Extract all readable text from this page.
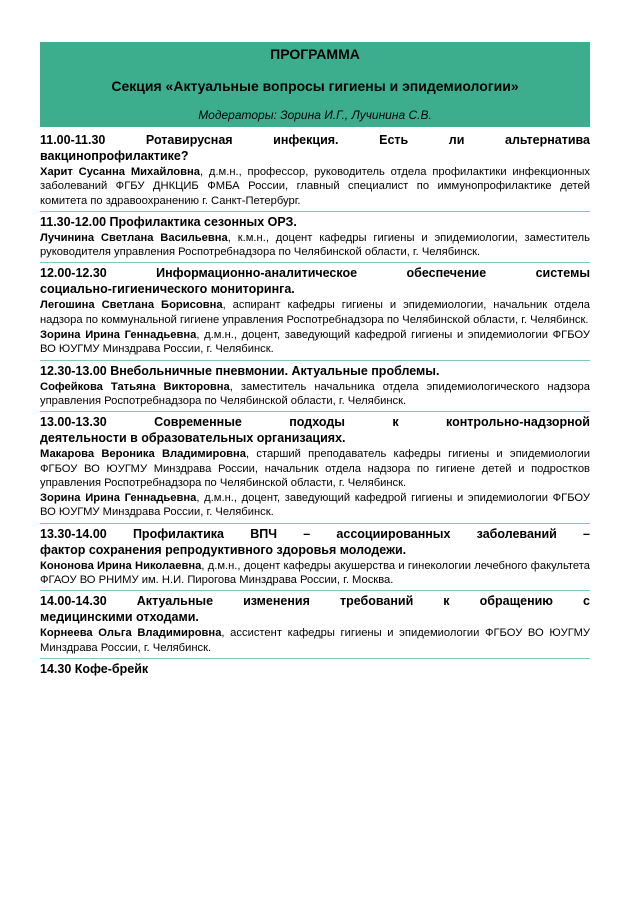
ПРОГРАММА
Секция «Актуальные вопросы гигиены и эпидемиологии»
Модераторы: Зорина И.Г., Лучинина С.В.
11.00-11.30 Ротавирусная инфекция. Есть ли альтернатива
вакцинопрофилактике?
Харит Сусанна Михайловна, д.м.н., профессор, руководитель отдела профилактики инфекционных заболеваний ФГБУ ДНКЦИБ ФМБА России, главный специалист по иммунопрофилактике детей комитета по здравоохранению г. Санкт-Петербург.
11.30-12.00 Профилактика сезонных ОРЗ.
Лучинина Светлана Васильевна, к.м.н., доцент кафедры гигиены и эпидемиологии, заместитель руководителя управления Роспотребнадзора по Челябинской области, г. Челябинск.
12.00-12.30 Информационно-аналитическое обеспечение системы
социально-гигиенического мониторинга.
Легошина Светлана Борисовна, аспирант кафедры гигиены и эпидемиологии, начальник отдела надзора по коммунальной гигиене управления Роспотребнадзора по Челябинской области, г. Челябинск.
Зорина Ирина Геннадьевна, д.м.н., доцент, заведующий кафедрой гигиены и эпидемиологии ФГБОУ ВО ЮУГМУ Минздрава России, г. Челябинск.
12.30-13.00 Внебольничные пневмонии. Актуальные проблемы.
Софейкова Татьяна Викторовна, заместитель начальника отдела эпидемиологического надзора управления Роспотребнадзора по Челябинской области, г. Челябинск.
13.00-13.30 Современные подходы к контрольно-надзорной
деятельности в образовательных организациях.
Макарова Вероника Владимировна, старший преподаватель кафедры гигиены и эпидемиологии ФГБОУ ВО ЮУГМУ Минздрава России, начальник отдела надзора по гигиене детей и подростков управления Роспотребнадзора по Челябинской области, г. Челябинск.
Зорина Ирина Геннадьевна, д.м.н., доцент, заведующий кафедрой гигиены и эпидемиологии ФГБОУ ВО ЮУГМУ Минздрава России, г. Челябинск.
13.30-14.00 Профилактика ВПЧ – ассоциированных заболеваний –
фактор сохранения репродуктивного здоровья молодежи.
Кононова Ирина Николаевна, д.м.н., доцент кафедры акушерства и гинекологии лечебного факультета ФГАОУ ВО РНИМУ им. Н.И. Пирогова Минздрава России, г. Москва.
14.00-14.30 Актуальные изменения требований к обращению с
медицинскими отходами.
Корнеева Ольга Владимировна, ассистент кафедры гигиены и эпидемиологии ФГБОУ ВО ЮУГМУ Минздрава России, г. Челябинск.
14.30 Кофе-брейк
